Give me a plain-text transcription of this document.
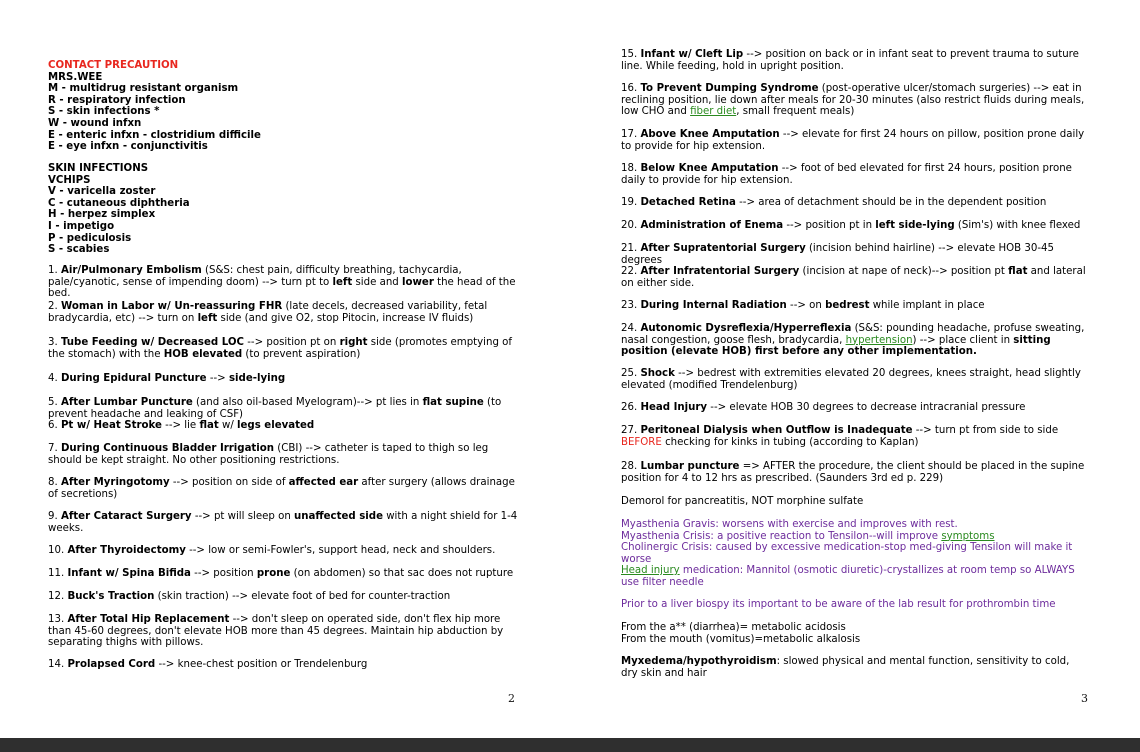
CONTACT PRECAUTION

MRS.WEE

M - multidrug resistant organism

R - respiratory infection

S - skin infections *

W - wound infxn

E - enteric infxn - clostridium difficile

E - eye infxn - conjunctivitis

SKIN INFECTIONS

VCHIPS

V - varicella zoster

C - cutaneous diphtheria

H - herpez simplex

I - impetigo

P - pediculosis

S - scabies

1. Air/Pulmonary Embolism (S&S: chest pain, difficulty breathing, tachycardia, pale/cyanotic, sense of impending doom) --> turn pt to left side and lower the head of the bed.

2. Woman in Labor w/ Un-reassuring FHR (late decels, decreased variability, fetal bradycardia, etc) --> turn on left side (and give O2, stop Pitocin, increase IV fluids)

3. Tube Feeding w/ Decreased LOC --> position pt on right side (promotes emptying of the stomach) with the HOB elevated (to prevent aspiration)

4. During Epidural Puncture --> side-lying

5. After Lumbar Puncture (and also oil-based Myelogram)--> pt lies in flat supine (to prevent headache and leaking of CSF)

6. Pt w/ Heat Stroke --> lie flat w/ legs elevated

7. During Continuous Bladder Irrigation (CBI) --> catheter is taped to thigh so leg should be kept straight. No other positioning restrictions.

8. After Myringotomy --> position on side of affected ear after surgery (allows drainage of secretions)

9. After Cataract Surgery --> pt will sleep on unaffected side with a night shield for 1-4 weeks.

10. After Thyroidectomy --> low or semi-Fowler's, support head, neck and shoulders.

11. Infant w/ Spina Bifida --> position prone (on abdomen) so that sac does not rupture

12. Buck's Traction (skin traction) --> elevate foot of bed for counter-traction

13. After Total Hip Replacement --> don't sleep on operated side, don't flex hip more than 45-60 degrees, don't elevate HOB more than 45 degrees. Maintain hip abduction by separating thighs with pillows.

14. Prolapsed Cord --> knee-chest position or Trendelenburg

15. Infant w/ Cleft Lip --> position on back or in infant seat to prevent trauma to suture line. While feeding, hold in upright position.

16. To Prevent Dumping Syndrome (post-operative ulcer/stomach surgeries) --> eat in reclining position, lie down after meals for 20-30 minutes (also restrict fluids during meals, low CHO and fiber diet, small frequent meals)

17. Above Knee Amputation --> elevate for first 24 hours on pillow, position prone daily to provide for hip extension.

18. Below Knee Amputation --> foot of bed elevated for first 24 hours, position prone daily to provide for hip extension.

19. Detached Retina --> area of detachment should be in the dependent position

20. Administration of Enema --> position pt in left side-lying (Sim's) with knee flexed

21. After Supratentorial Surgery (incision behind hairline) --> elevate HOB 30-45 degrees

22. After Infratentorial Surgery (incision at nape of neck)--> position pt flat and lateral on either side.

23. During Internal Radiation --> on bedrest while implant in place

24. Autonomic Dysreflexia/Hyperreflexia (S&S: pounding headache, profuse sweating, nasal congestion, goose flesh, bradycardia, hypertension) --> place client in sitting position (elevate HOB) first before any other implementation.

25. Shock --> bedrest with extremities elevated 20 degrees, knees straight, head slightly elevated (modified Trendelenburg)

26. Head Injury --> elevate HOB 30 degrees to decrease intracranial pressure

27. Peritoneal Dialysis when Outflow is Inadequate --> turn pt from side to side BEFORE checking for kinks in tubing (according to Kaplan)

28. Lumbar puncture => AFTER the procedure, the client should be placed in the supine position for 4 to 12 hrs as prescribed. (Saunders 3rd ed p. 229)

Demorol for pancreatitis, NOT morphine sulfate

Myasthenia Gravis: worsens with exercise and improves with rest.

Myasthenia Crisis: a positive reaction to Tensilon--will improve symptoms

Cholinergic Crisis: caused by excessive medication-stop med-giving Tensilon will make it worse

Head injury medication: Mannitol (osmotic diuretic)-crystallizes at room temp so ALWAYS use filter needle

Prior to a liver biospy its important to be aware of the lab result for prothrombin time

From the a** (diarrhea)= metabolic acidosis

From the mouth (vomitus)=metabolic alkalosis

Myxedema/hypothyroidism: slowed physical and mental function, sensitivity to cold, dry skin and hair

2	3
